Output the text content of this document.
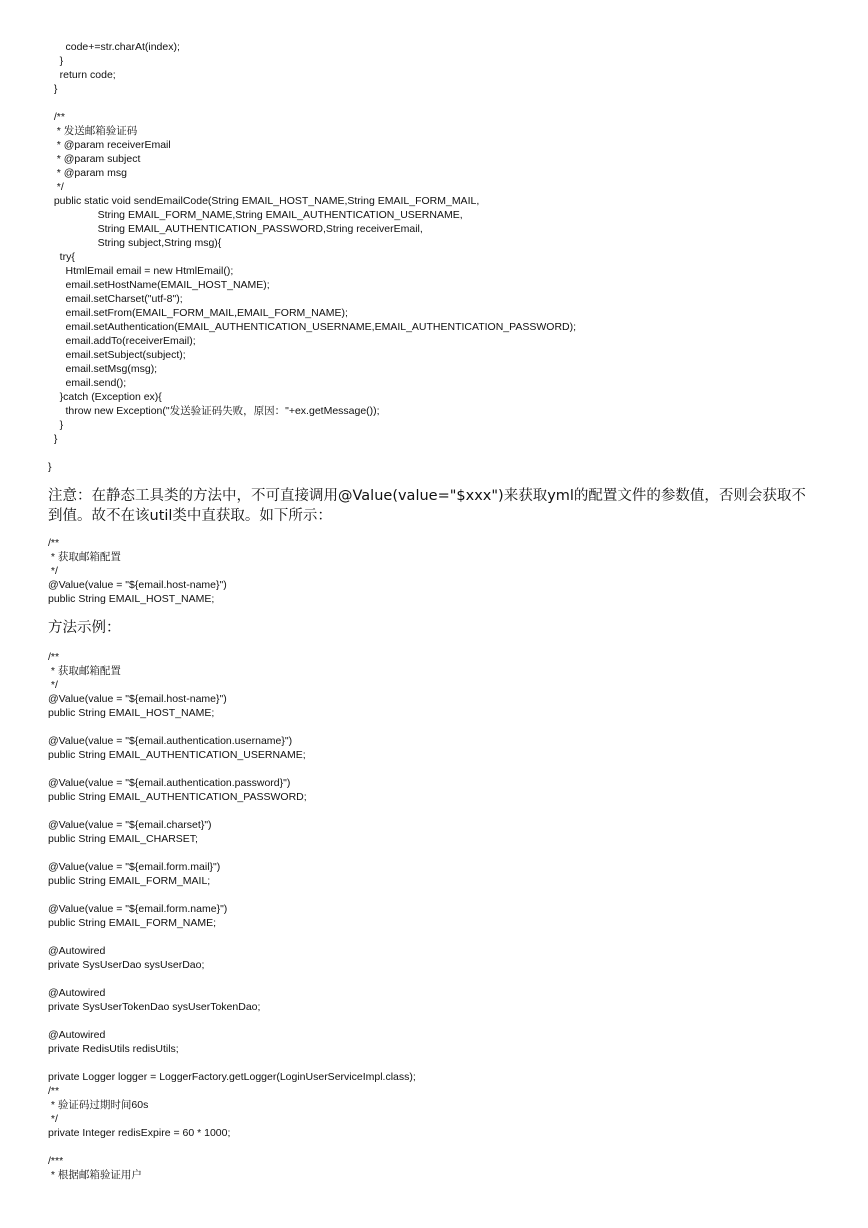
code+=str.charAt(index);
}
return code;
}
/**
* 发送邮箱验证码
* @param receiverEmail
* @param subject
* @param msg
*/
public static void sendEmailCode(String EMAIL_HOST_NAME,String EMAIL_FORM_MAIL,
String EMAIL_FORM_NAME,String EMAIL_AUTHENTICATION_USERNAME,
String EMAIL_AUTHENTICATION_PASSWORD,String receiverEmail,
String subject,String msg){
try{
HtmlEmail email = new HtmlEmail();
email.setHostName(EMAIL_HOST_NAME);
email.setCharset("utf-8");
email.setFrom(EMAIL_FORM_MAIL,EMAIL_FORM_NAME);
email.setAuthentication(EMAIL_AUTHENTICATION_USERNAME,EMAIL_AUTHENTICATION_PASSWORD);
email.addTo(receiverEmail);
email.setSubject(subject);
email.setMsg(msg);
email.send();
}catch (Exception ex){
throw new Exception("发送验证码失败，原因："+ex.getMessage());
}
}
}
注意：在静态工具类的方法中，不可直接调用@Value(value="$xxx")来获取yml的配置文件的参数值，否则会获取不到值。故不在该util类中直获取。如下所示：
/**
* 获取邮箱配置
*/
@Value(value = "${email.host-name}")
public String EMAIL_HOST_NAME;
方法示例：
/**
* 获取邮箱配置
*/
@Value(value = "${email.host-name}")
public String EMAIL_HOST_NAME;
@Value(value = "${email.authentication.username}")
public String EMAIL_AUTHENTICATION_USERNAME;
@Value(value = "${email.authentication.password}")
public String EMAIL_AUTHENTICATION_PASSWORD;
@Value(value = "${email.charset}")
public String EMAIL_CHARSET;
@Value(value = "${email.form.mail}")
public String EMAIL_FORM_MAIL;
@Value(value = "${email.form.name}")
public String EMAIL_FORM_NAME;
@Autowired
private SysUserDao sysUserDao;
@Autowired
private SysUserTokenDao sysUserTokenDao;
@Autowired
private RedisUtils redisUtils;
private Logger logger = LoggerFactory.getLogger(LoginUserServiceImpl.class);
/**
* 验证码过期时间60s
*/
private Integer redisExpire = 60 * 1000;
/***
* 根据邮箱验证用户
